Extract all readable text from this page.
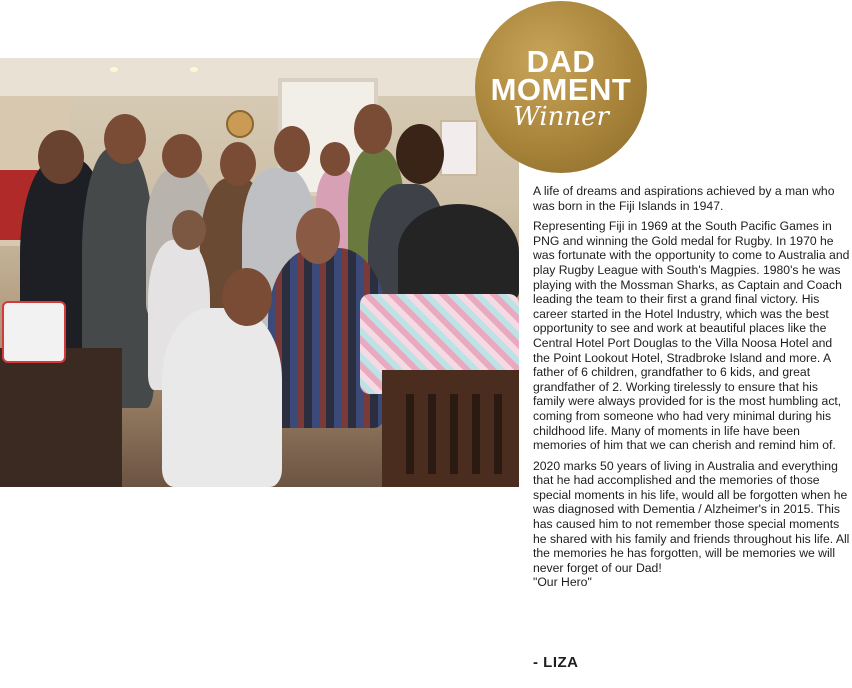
DAD
MOMENT
Winner

A life of dreams and aspirations achieved by a man who was born in the Fiji Islands in 1947.

Representing Fiji in 1969 at the South Pacific Games in PNG and winning the Gold medal for Rugby. In 1970 he was fortunate with the opportunity to come to Australia and play Rugby League with South's Magpies. 1980's he was playing with the Mossman Sharks, as Captain and Coach leading the team to their first a grand final victory. His career started in the Hotel Industry, which was the best opportunity to see and work at beautiful places like the Central Hotel Port Douglas to the Villa Noosa Hotel and the Point Lookout Hotel, Stradbroke Island and more. A father of 6 children, grandfather to 6 kids, and great grandfather of 2. Working tirelessly to ensure that his family were always provided for is the most humbling act, coming from someone who had very minimal during his childhood life. Many of moments in life have been memories of him that we can cherish and remind him of.

2020 marks 50 years of living in Australia and everything that he had accomplished and the memories of those special moments in his life, would all be forgotten when he was diagnosed with Dementia / Alzheimer's in 2015. This has caused him to not remember those special moments he shared with his family and friends throughout his life. All the memories he has forgotten, will be memories we will never forget of our Dad!

"Our Hero"

- LIZA
